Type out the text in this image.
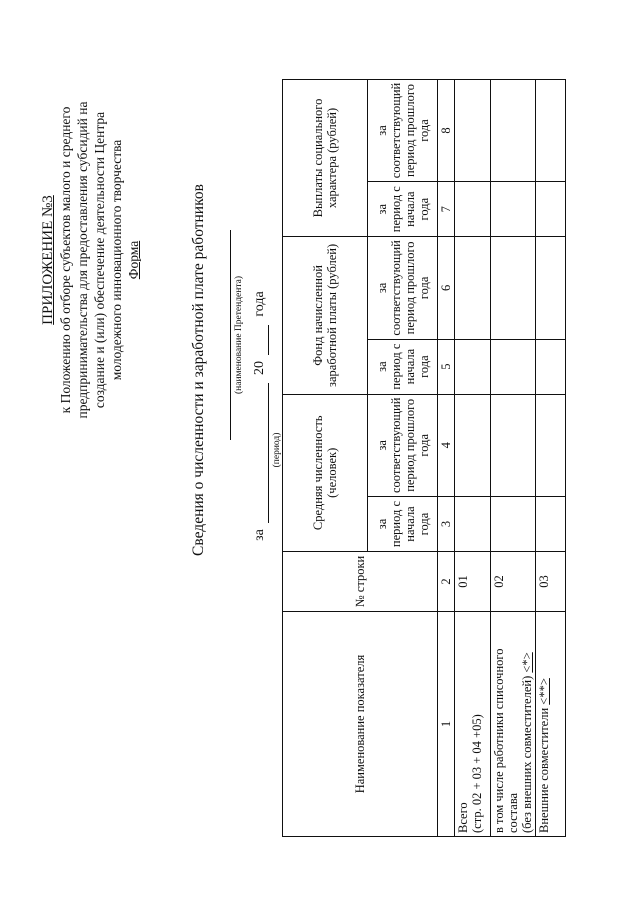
ПРИЛОЖЕНИЕ №3 к Положению об отборе субъектов малого и среднего предпринимательства для предоставления субсидий на создание и (или) обеспечение деятельности Центра молодежного инновационного творчества Форма	Сведения о численности и заработной плате работников	(наименование Претендента)
за
20
года
(период)
Наименование показателя	№ строки	Средняя численность (человек)		Фонд начисленной заработной платы (рублей)		Выплаты социального характера (рублей)	
		за период с начала года	за соответствующий период прошлого года	за период с начала года	за соответствующий период прошлого года	за период с начала года	за соответствующий период прошлого года
1	2	3	4	5	6	7	8

Всего (стр. 02 + 03 + 04 +05)	01						

в том числе работники списочного состава (без внешних совместителей) <*>	02						
Внешние совместители <**>	03						
